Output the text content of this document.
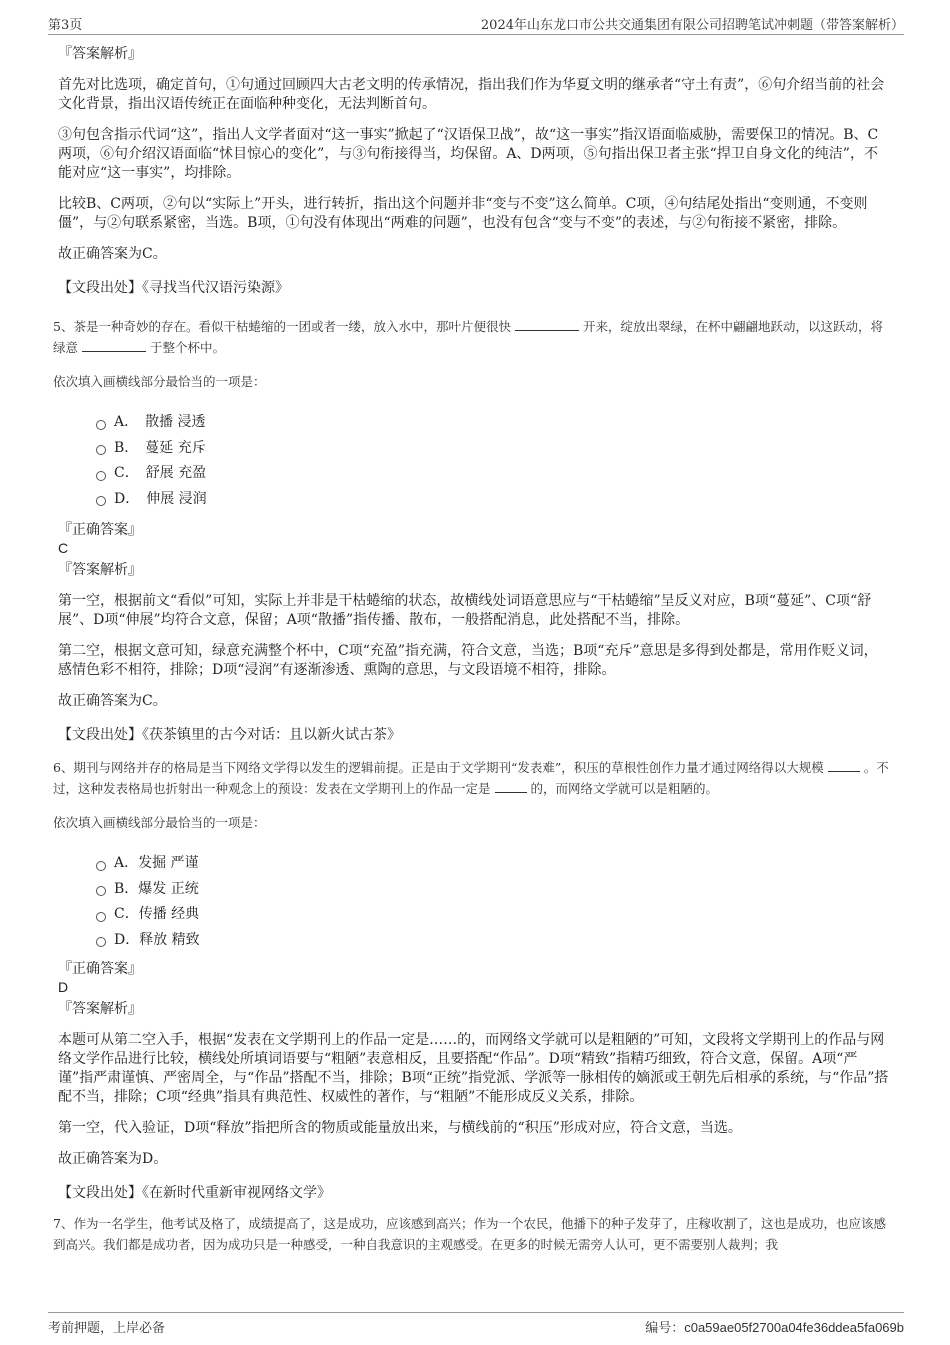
第3页	2024年山东龙口市公共交通集团有限公司招聘笔试冲刺题（带答案解析）

『答案解析』

首先对比选项，确定首句，①句通过回顾四大古老文明的传承情况，指出我们作为华夏文明的继承者“守土有责”，⑥句介绍当前的社会文化背景，指出汉语传统正在面临种种变化，无法判断首句。

③句包含指示代词“这”，指出人文学者面对“这一事实”掀起了“汉语保卫战”，故“这一事实”指汉语面临威胁，需要保卫的情况。B、C两项，⑥句介绍汉语面临“怵目惊心的变化”，与③句衔接得当，均保留。A、D两项，⑤句指出保卫者主张“捍卫自身文化的纯洁”，不能对应“这一事实”，均排除。

比较B、C两项，②句以“实际上”开头，进行转折，指出这个问题并非“变与不变”这么简单。C项，④句结尾处指出“变则通，不变则僵”，与②句联系紧密，当选。B项，①句没有体现出“两难的问题”，也没有包含“变与不变”的表述，与②句衔接不紧密，排除。

故正确答案为C。

【文段出处】《寻找当代汉语污染源》

5、茶是一种奇妙的存在。看似干枯蜷缩的一团或者一缕，放入水中，那叶片便很快	开来，绽放出翠绿，在杯中翩翩地跃动，以这跃动，将绿意	于整个杯中。

依次填入画横线部分最恰当的一项是：

A．　散播 浸透
B．　蔓延 充斥
C．　舒展 充盈
D．　伸展 浸润

『正确答案』

C

『答案解析』

第一空，根据前文“看似”可知，实际上并非是干枯蜷缩的状态，故横线处词语意思应与“干枯蜷缩”呈反义对应，B项“蔓延”、C项“舒展”、D项“伸展”均符合文意，保留；A项“散播”指传播、散布，一般搭配消息，此处搭配不当，排除。

第二空，根据文意可知，绿意充满整个杯中，C项“充盈”指充满，符合文意，当选；B项“充斥”意思是多得到处都是，常用作贬义词，感情色彩不相符，排除；D项“浸润”有逐渐渗透、熏陶的意思，与文段语境不相符，排除。

故正确答案为C。

【文段出处】《茯茶镇里的古今对话：且以新火试古茶》

6、期刊与网络并存的格局是当下网络文学得以发生的逻辑前提。正是由于文学期刊“发表难”，积压的草根性创作力量才通过网络得以大规模	。不过，这种发表格局也折射出一种观念上的预设：发表在文学期刊上的作品一定是	的，而网络文学就可以是粗陋的。

依次填入画横线部分最恰当的一项是：

A．发掘 严谨
B．爆发 正统
C．传播 经典
D．释放 精致

『正确答案』

D

『答案解析』

本题可从第二空入手，根据“发表在文学期刊上的作品一定是……的，而网络文学就可以是粗陋的”可知，文段将文学期刊上的作品与网络文学作品进行比较，横线处所填词语要与“粗陋”表意相反，且要搭配“作品”。D项“精致”指精巧细致，符合文意，保留。A项“严谨”指严肃谨慎、严密周全，与“作品”搭配不当，排除；B项“正统”指党派、学派等一脉相传的嫡派或王朝先后相承的系统，与“作品”搭配不当，排除；C项“经典”指具有典范性、权威性的著作，与“粗陋”不能形成反义关系，排除。

第一空，代入验证，D项“释放”指把所含的物质或能量放出来，与横线前的“积压”形成对应，符合文意，当选。

故正确答案为D。

【文段出处】《在新时代重新审视网络文学》

7、作为一名学生，他考试及格了，成绩提高了，这是成功，应该感到高兴；作为一个农民，他播下的种子发芽了，庄稼收割了，这也是成功，也应该感到高兴。我们都是成功者，因为成功只是一种感受，一种自我意识的主观感受。在更多的时候无需旁人认可，更不需要别人裁判；我

考前押题，上岸必备	编号：c0a59ae05f2700a04fe36ddea5fa069b
